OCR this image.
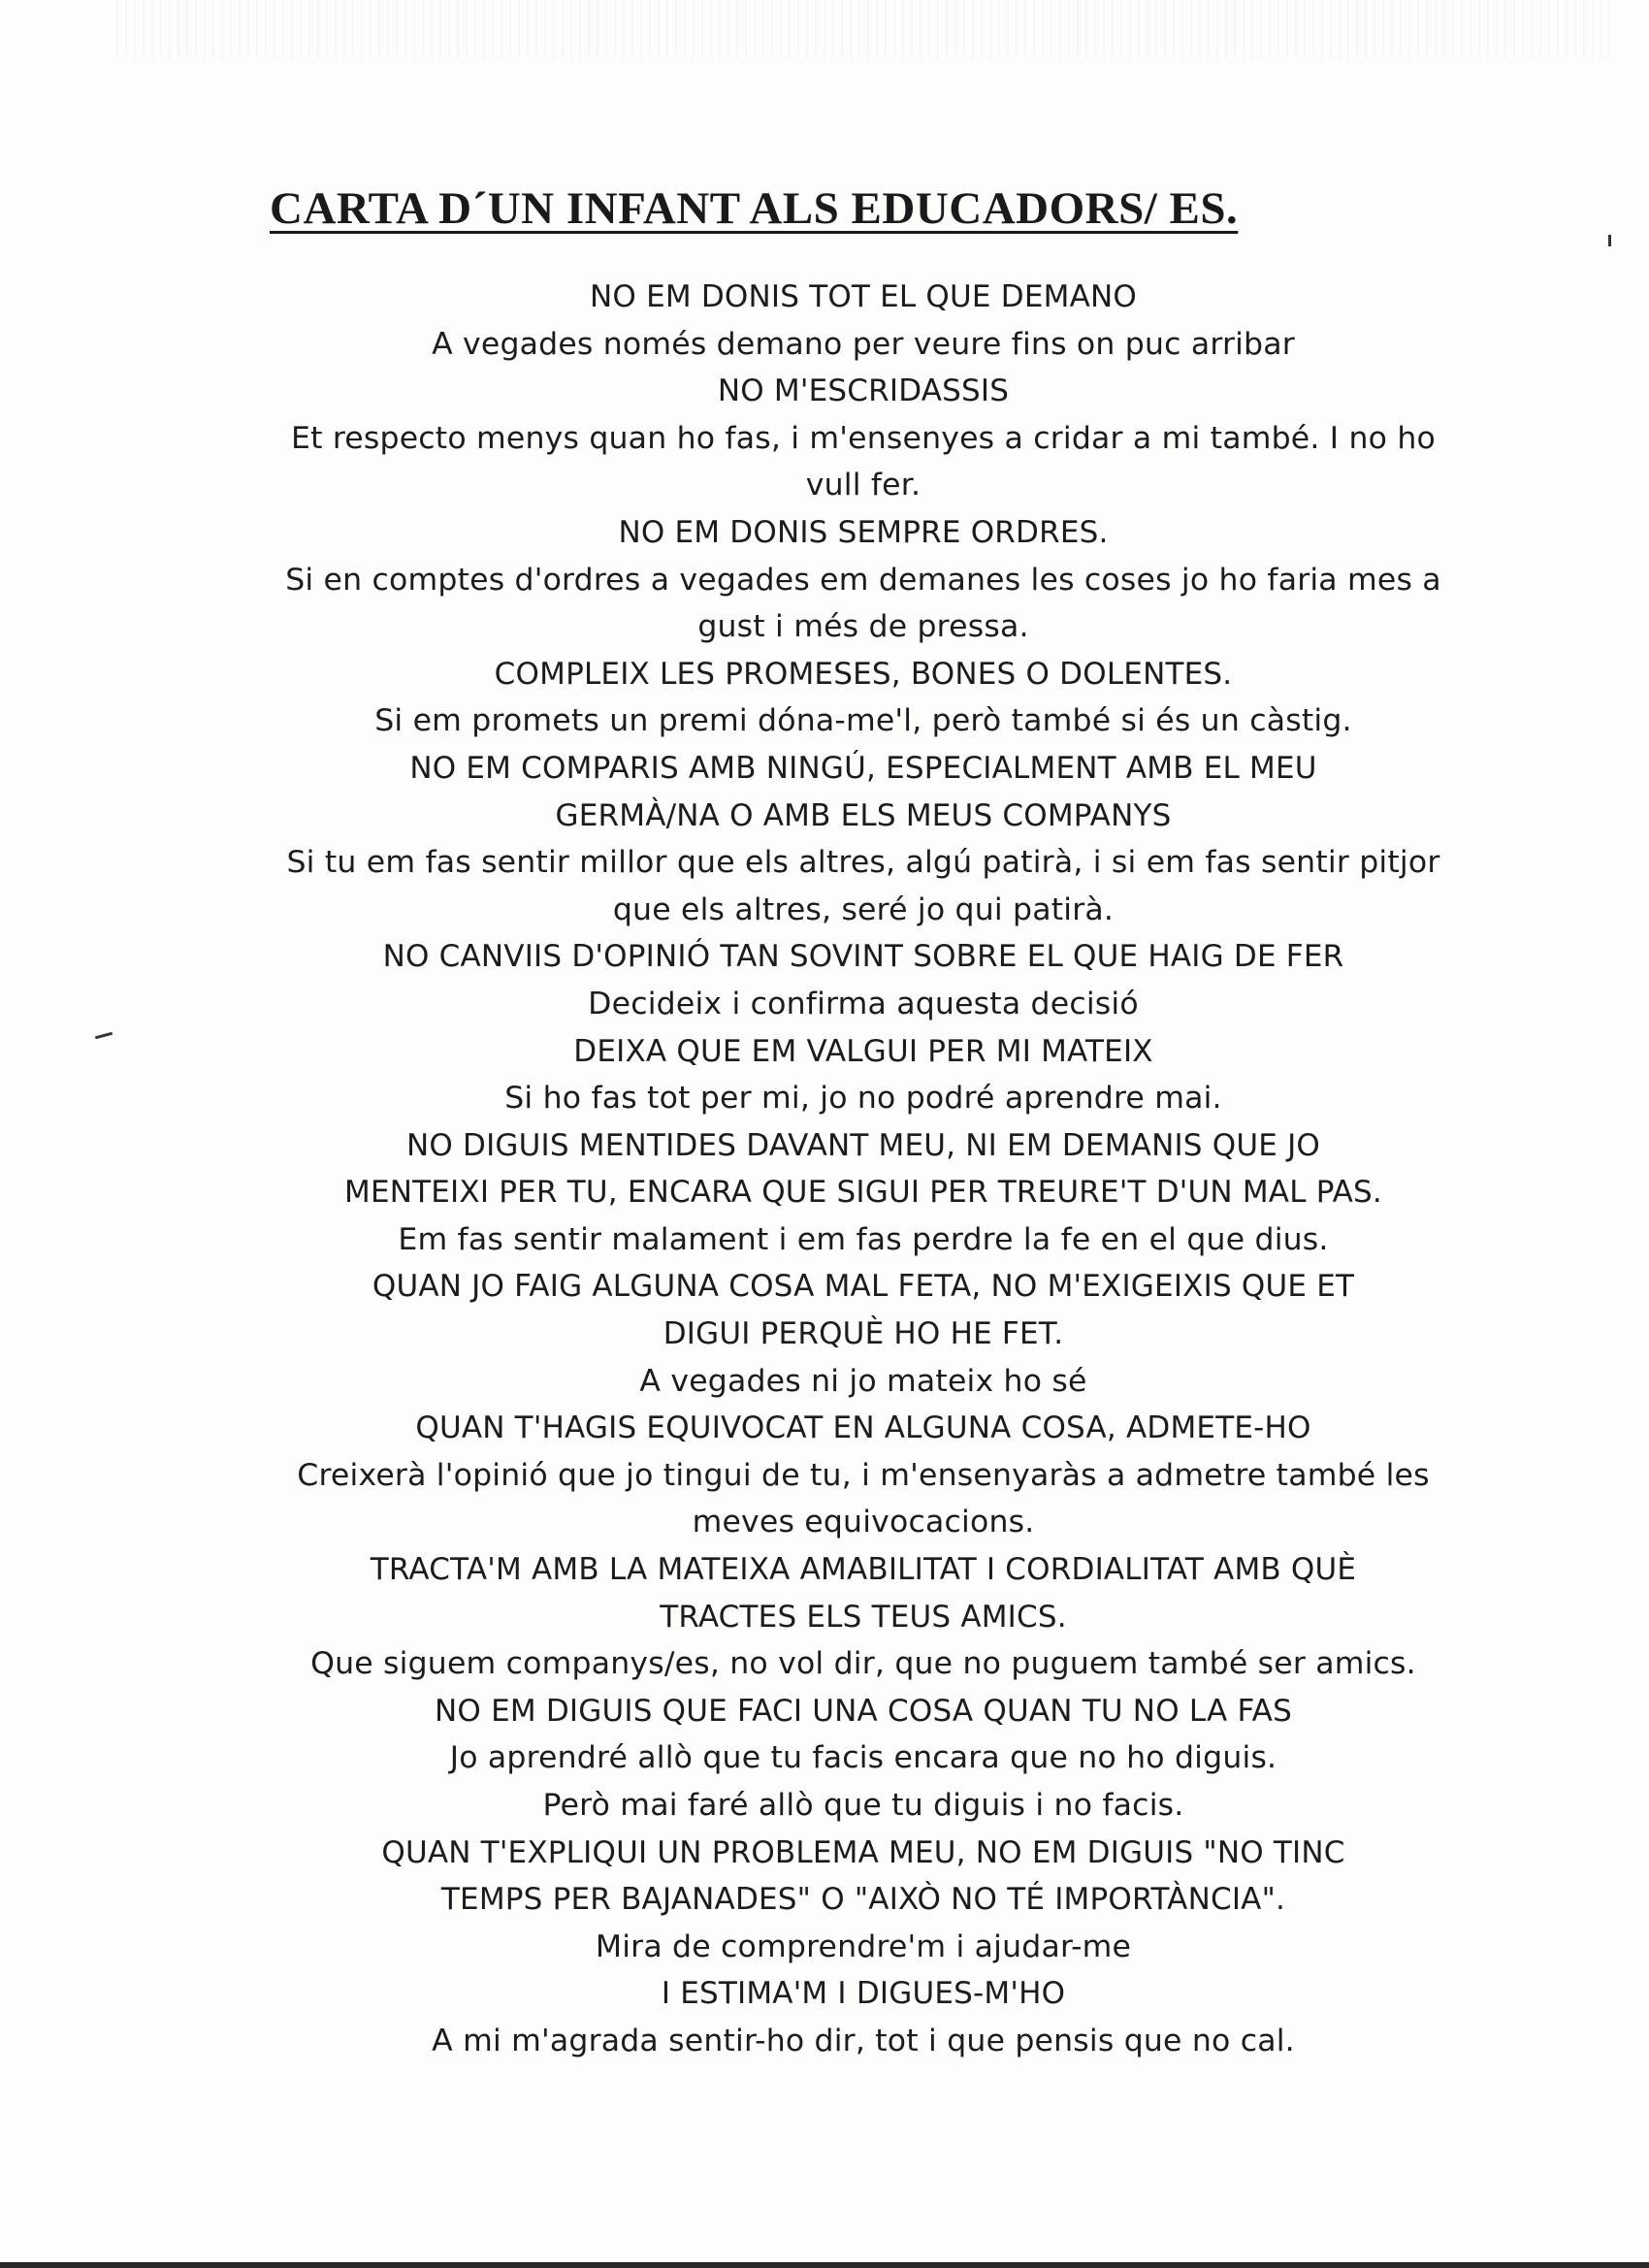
CARTA D´UN INFANT ALS EDUCADORS/ ES.
NO EM DONIS TOT EL QUE DEMANO
A vegades només demano per veure fins on puc arribar
NO M'ESCRIDASSIS
Et respecto menys quan ho fas, i m'ensenyes a cridar a mi també. I no ho
vull fer.
NO EM DONIS SEMPRE ORDRES.
Si en comptes d'ordres a vegades em demanes les coses jo ho faria mes a
gust i més de pressa.
COMPLEIX LES PROMESES, BONES O DOLENTES.
Si em promets un premi dóna-me'l, però també si és un càstig.
NO EM COMPARIS AMB NINGÚ, ESPECIALMENT AMB EL MEU
GERMÀ/NA O AMB ELS MEUS COMPANYS
Si tu em fas sentir millor que els altres, algú patirà, i si em fas sentir pitjor
que els altres, seré jo qui patirà.
NO CANVIIS D'OPINIÓ TAN SOVINT SOBRE EL QUE HAIG DE FER
Decideix i confirma aquesta decisió
DEIXA QUE EM VALGUI PER MI MATEIX
Si ho fas tot per mi, jo no podré aprendre mai.
NO DIGUIS MENTIDES DAVANT MEU, NI EM DEMANIS QUE JO
MENTEIXI PER TU, ENCARA QUE SIGUI PER TREURE'T D'UN MAL PAS.
Em fas sentir malament i em fas perdre la fe en el que dius.
QUAN JO FAIG ALGUNA COSA MAL FETA, NO M'EXIGEIXIS QUE ET
DIGUI PERQUÈ HO HE FET.
A vegades ni jo mateix ho sé
QUAN T'HAGIS EQUIVOCAT EN ALGUNA COSA, ADMETE-HO
Creixerà l'opinió que jo tingui de tu, i m'ensenyaràs a admetre també les
meves equivocacions.
TRACTA'M AMB LA MATEIXA AMABILITAT I CORDIALITAT AMB QUÈ
TRACTES ELS TEUS AMICS.
Que siguem companys/es, no vol dir, que no puguem també ser amics.
NO EM DIGUIS QUE FACI UNA COSA QUAN TU NO LA FAS
Jo aprendré allò que tu facis encara que no ho diguis.
Però mai faré allò que tu diguis i no facis.
QUAN T'EXPLIQUI UN PROBLEMA MEU, NO EM DIGUIS "NO TINC
TEMPS PER BAJANADES" O "AIXÒ NO TÉ IMPORTÀNCIA".
Mira de comprendre'm i ajudar-me
I ESTIMA'M I DIGUES-M'HO
A mi m'agrada sentir-ho dir, tot i que pensis que no cal.
